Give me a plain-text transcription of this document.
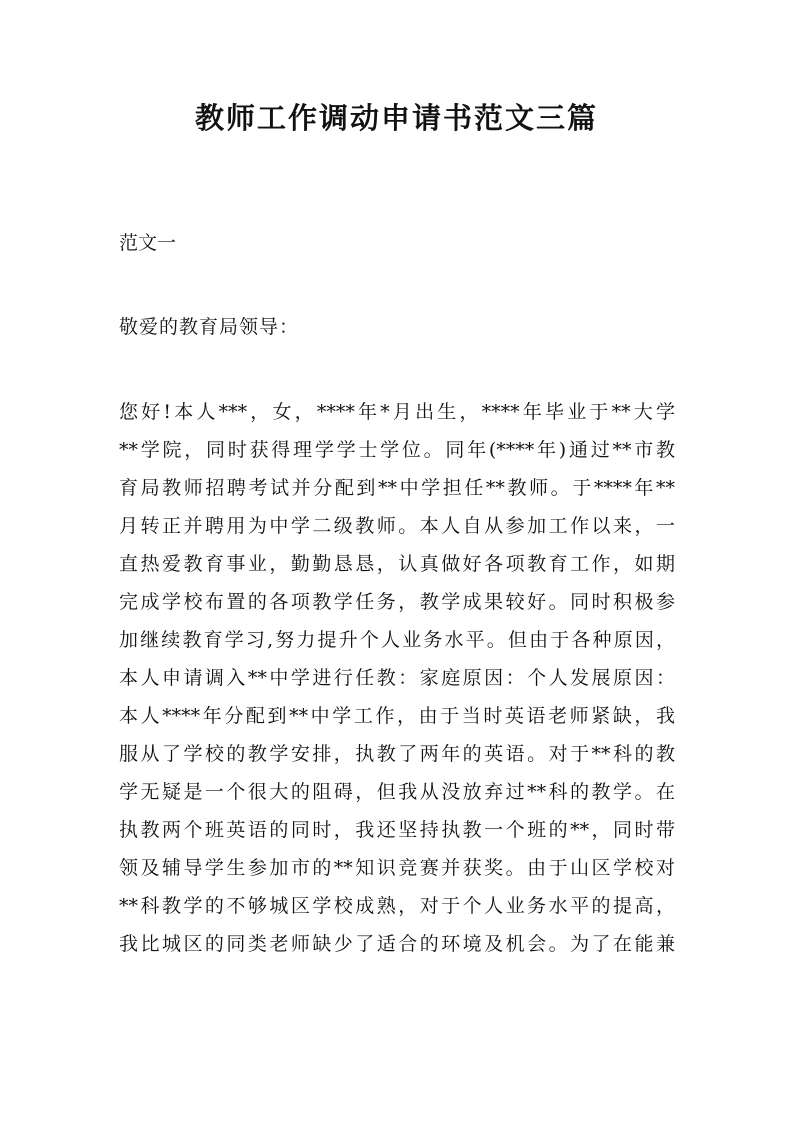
教师工作调动申请书范文三篇

范文一

敬爱的教育局领导：

您好!本人***，女，****年*月出生，****年毕业于**大学
**学院，同时获得理学学士学位。同年(****年)通过**市教
育局教师招聘考试并分配到**中学担任**教师。于****年**
月转正并聘用为中学二级教师。本人自从参加工作以来，一
直热爱教育事业，勤勤恳恳，认真做好各项教育工作，如期
完成学校布置的各项教学任务，教学成果较好。同时积极参
加继续教育学习,努力提升个人业务水平。但由于各种原因，
本人申请调入**中学进行任教：家庭原因：个人发展原因：
本人****年分配到**中学工作，由于当时英语老师紧缺，我
服从了学校的教学安排，执教了两年的英语。对于**科的教
学无疑是一个很大的阻碍，但我从没放弃过**科的教学。在
执教两个班英语的同时，我还坚持执教一个班的**，同时带
领及辅导学生参加市的**知识竞赛并获奖。由于山区学校对
**科教学的不够城区学校成熟，对于个人业务水平的提高，
我比城区的同类老师缺少了适合的环境及机会。为了在能兼
